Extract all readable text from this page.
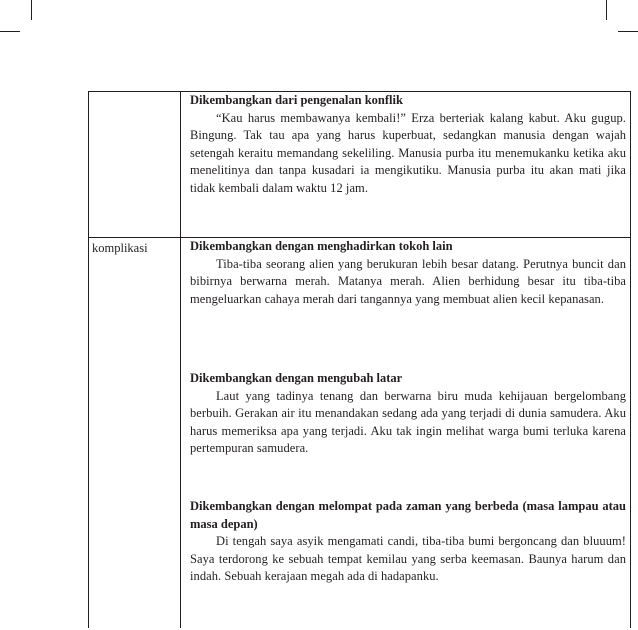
komplikasi
Dikembangkan dari pengenalan konflik

“Kau harus membawanya kembali!” Erza berteriak kalang kabut. Aku gugup. Bingung. Tak tau apa yang harus kuperbuat, sedangkan manusia dengan wajah setengah keraitu memandang sekeliling. Manusia purba itu menemukanku ketika aku menelitinya dan tanpa kusadari ia mengikutiku. Manusia purba itu akan mati jika tidak kembali dalam waktu 12 jam.

Dikembangkan dengan menghadirkan tokoh lain

Tiba-tiba seorang alien yang berukuran lebih besar datang. Perutnya buncit dan bibirnya berwarna merah. Matanya merah. Alien berhidung besar itu tiba-tiba mengeluarkan cahaya merah dari tangannya yang membuat alien kecil kepanasan.

Dikembangkan dengan mengubah latar

Laut yang tadinya tenang dan berwarna biru muda kehijauan bergelombang berbuih. Gerakan air itu menandakan sedang ada yang terjadi di dunia samudera. Aku harus memeriksa apa yang terjadi. Aku tak ingin melihat warga bumi terluka karena pertempuran samudera.

Dikembangkan dengan melompat pada zaman yang berbeda (masa lampau atau masa depan)

Di tengah saya asyik mengamati candi, tiba-tiba bumi bergoncang dan bluuum! Saya terdorong ke sebuah tempat kemilau yang serba keemasan. Baunya harum dan indah. Sebuah kerajaan megah ada di hadapanku.
